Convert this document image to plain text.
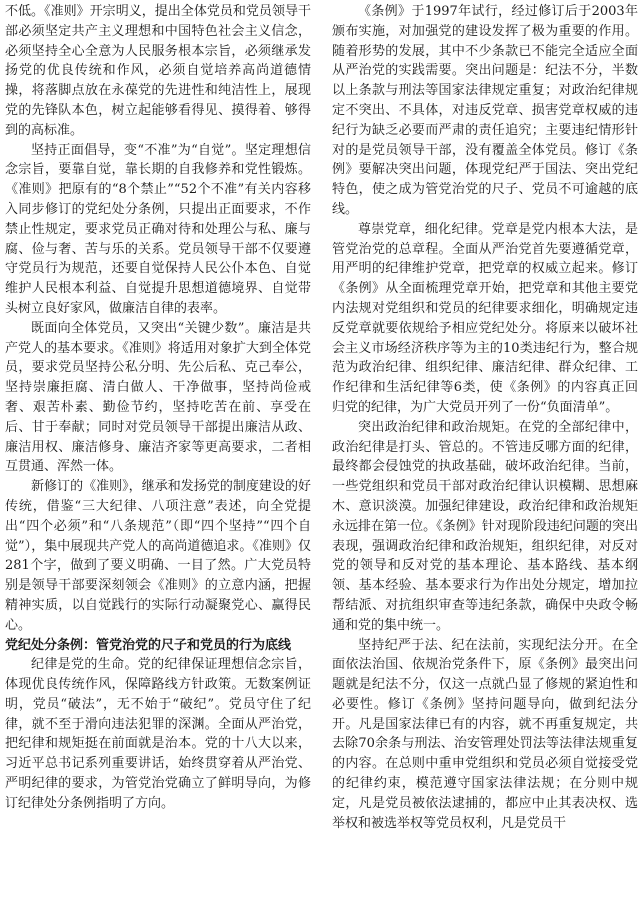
不低。《准则》开宗明义，提出全体党员和党员领导干部必须坚定共产主义理想和中国特色社会主义信念，必须坚持全心全意为人民服务根本宗旨，必须继承发扬党的优良传统和作风，必须自觉培养高尚道德情操，将落脚点放在永葆党的先进性和纯洁性上，展现党的先锋队本色，树立起能够看得见、摸得着、够得到的高标准。

坚持正面倡导，变“不准”为“自觉”。坚定理想信念宗旨，要靠自觉，靠长期的自我修养和党性锻炼。《准则》把原有的“8个禁止”“52个不准”有关内容移入同步修订的党纪处分条例，只提出正面要求，不作禁止性规定，要求党员正确对待和处理公与私、廉与腐、俭与奢、苦与乐的关系。党员领导干部不仅要遵守党员行为规范，还要自觉保持人民公仆本色、自觉维护人民根本利益、自觉提升思想道德境界、自觉带头树立良好家风，做廉洁自律的表率。

既面向全体党员，又突出“关键少数”。廉洁是共产党人的基本要求。《准则》将适用对象扩大到全体党员，要求党员坚持公私分明、先公后私、克己奉公，坚持崇廉拒腐、清白做人、干净做事，坚持尚俭戒奢、艰苦朴素、勤俭节约，坚持吃苦在前、享受在后、甘于奉献；同时对党员领导干部提出廉洁从政、廉洁用权、廉洁修身、廉洁齐家等更高要求，二者相互贯通、浑然一体。

新修订的《准则》，继承和发扬党的制度建设的好传统，借鉴“三大纪律、八项注意”表述，向全党提出“四个必须”和“八条规范”（即“四个坚持”“四个自觉”），集中展现共产党人的高尚道德追求。《准则》仅281个字，做到了要义明确、一目了然。广大党员特别是领导干部要深刻领会《准则》的立意内涵，把握精神实质，以自觉践行的实际行动凝聚党心、赢得民心。

党纪处分条例：管党治党的尺子和党员的行为底线

纪律是党的生命。党的纪律保证理想信念宗旨，体现优良传统作风，保障路线方针政策。无数案例证明，党员“破法”，无不始于“破纪”。党员守住了纪律，就不至于滑向违法犯罪的深渊。全面从严治党，把纪律和规矩挺在前面就是治本。党的十八大以来，习近平总书记系列重要讲话，始终贯穿着从严治党、严明纪律的要求，为管党治党确立了鲜明导向，为修订纪律处分条例指明了方向。

《条例》于1997年试行，经过修订后于2003年颁布实施，对加强党的建设发挥了极为重要的作用。随着形势的发展，其中不少条款已不能完全适应全面从严治党的实践需要。突出问题是：纪法不分，半数以上条款与刑法等国家法律规定重复；对政治纪律规定不突出、不具体，对违反党章、损害党章权威的违纪行为缺乏必要而严肃的责任追究；主要违纪情形针对的是党员领导干部，没有覆盖全体党员。修订《条例》要解决突出问题，体现党纪严于国法、突出党纪特色，使之成为管党治党的尺子、党员不可逾越的底线。

尊崇党章，细化纪律。党章是党内根本大法，是管党治党的总章程。全面从严治党首先要遵循党章，用严明的纪律维护党章，把党章的权威立起来。修订《条例》从全面梳理党章开始，把党章和其他主要党内法规对党组织和党员的纪律要求细化，明确规定违反党章就要依规给予相应党纪处分。将原来以破坏社会主义市场经济秩序等为主的10类违纪行为，整合规范为政治纪律、组织纪律、廉洁纪律、群众纪律、工作纪律和生活纪律等6类，使《条例》的内容真正回归党的纪律，为广大党员开列了一份“负面清单”。

突出政治纪律和政治规矩。在党的全部纪律中，政治纪律是打头、管总的。不管违反哪方面的纪律，最终都会侵蚀党的执政基础，破坏政治纪律。当前，一些党组织和党员干部对政治纪律认识模糊、思想麻木、意识淡漠。加强纪律建设，政治纪律和政治规矩永远排在第一位。《条例》针对现阶段违纪问题的突出表现，强调政治纪律和政治规矩，组织纪律，对反对党的领导和反对党的基本理论、基本路线、基本纲领、基本经验、基本要求行为作出处分规定，增加拉帮结派、对抗组织审查等违纪条款，确保中央政令畅通和党的集中统一。

坚持纪严于法、纪在法前，实现纪法分开。在全面依法治国、依规治党条件下，原《条例》最突出问题就是纪法不分，仅这一点就凸显了修规的紧迫性和必要性。修订《条例》坚持问题导向，做到纪法分开。凡是国家法律已有的内容，就不再重复规定，共去除70余条与刑法、治安管理处罚法等法律法规重复的内容。在总则中重申党组织和党员必须自觉接受党的纪律约束，模范遵守国家法律法规；在分则中规定，凡是党员被依法逮捕的，都应中止其表决权、选举权和被选举权等党员权利，凡是党员干
